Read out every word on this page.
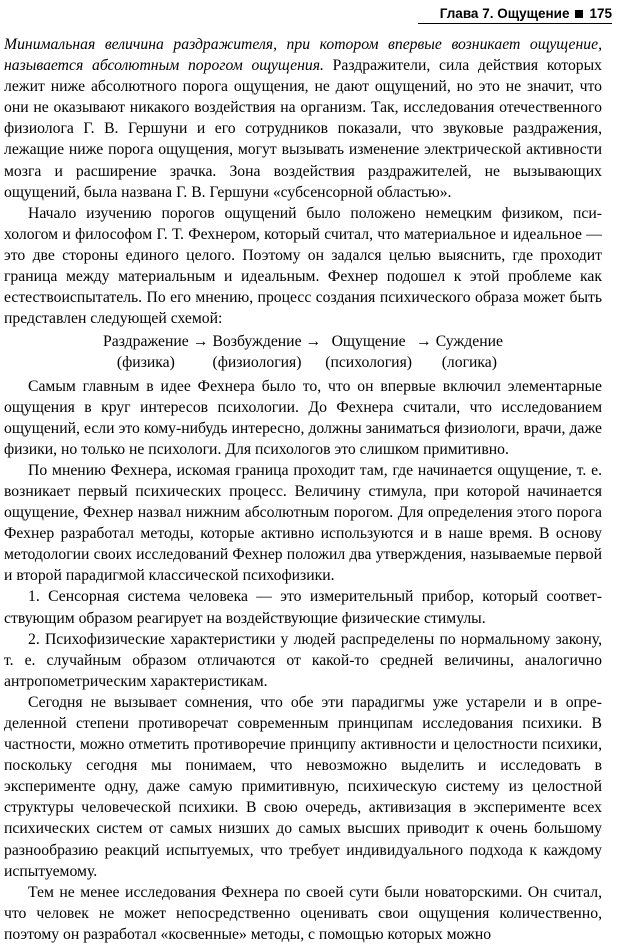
Глава 7. Ощущение 175

Минимальная величина раздражителя, при котором впервые возникает ощущение, называется абсолютным порогом ощущения. Раздражители, сила действия которых лежит ниже абсолютного порога ощущения, не дают ощущений, но это не значит, что они не оказывают никакого воздействия на организм. Так, исследования отечественного физиолога Г. В. Гершуни и его сотрудников показали, что звуковые раздражения, лежащие ниже порога ощущения, могут вызывать изменение электрической активности мозга и расширение зрачка. Зона воздействия раздражителей, не вызывающих ощущений, была названа Г. В. Гершуни «субсенсорной областью».

Начало изучению порогов ощущений было положено немецким физиком, психологом и философом Г. Т. Фехнером, который считал, что материальное и идеальное — это две стороны единого целого. Поэтому он задался целью выяснить, где проходит граница между материальным и идеальным. Фехнер подошел к этой проблеме как естествоиспытатель. По его мнению, процесс создания психического образа может быть представлен следующей схемой:

Раздражение → Возбуждение → Ощущение → Суждение
(физика)	(физиология) (психология)	(логика)

Самым главным в идее Фехнера было то, что он впервые включил элементарные ощущения в круг интересов психологии. До Фехнера считали, что исследованием ощущений, если это кому-нибудь интересно, должны заниматься физиологи, врачи, даже физики, но только не психологи. Для психологов это слишком примитивно.

По мнению Фехнера, искомая граница проходит там, где начинается ощущение, т. е. возникает первый психических процесс. Величину стимула, при которой начинается ощущение, Фехнер назвал нижним абсолютным порогом. Для определения этого порога Фехнер разработал методы, которые активно используются и в наше время. В основу методологии своих исследований Фехнер положил два утверждения, называемые первой и второй парадигмой классической психофизики.

1. Сенсорная система человека — это измерительный прибор, который соответствующим образом реагирует на воздействующие физические стимулы.

2. Психофизические характеристики у людей распределены по нормальному закону, т. е. случайным образом отличаются от какой-то средней величины, аналогично антропометрическим характеристикам.

Сегодня не вызывает сомнения, что обе эти парадигмы уже устарели и в определенной степени противоречат современным принципам исследования психики. В частности, можно отметить противоречие принципу активности и целостности психики, поскольку сегодня мы понимаем, что невозможно выделить и исследовать в эксперименте одну, даже самую примитивную, психическую систему из целостной структуры человеческой психики. В свою очередь, активизация в эксперименте всех психических систем от самых низших до самых высших приводит к очень большому разнообразию реакций испытуемых, что требует индивидуального подхода к каждому испытуемому.

Тем не менее исследования Фехнера по своей сути были новаторскими. Он считал, что человек не может непосредственно оценивать свои ощущения количественно, поэтому он разработал «косвенные» методы, с помощью которых можно
